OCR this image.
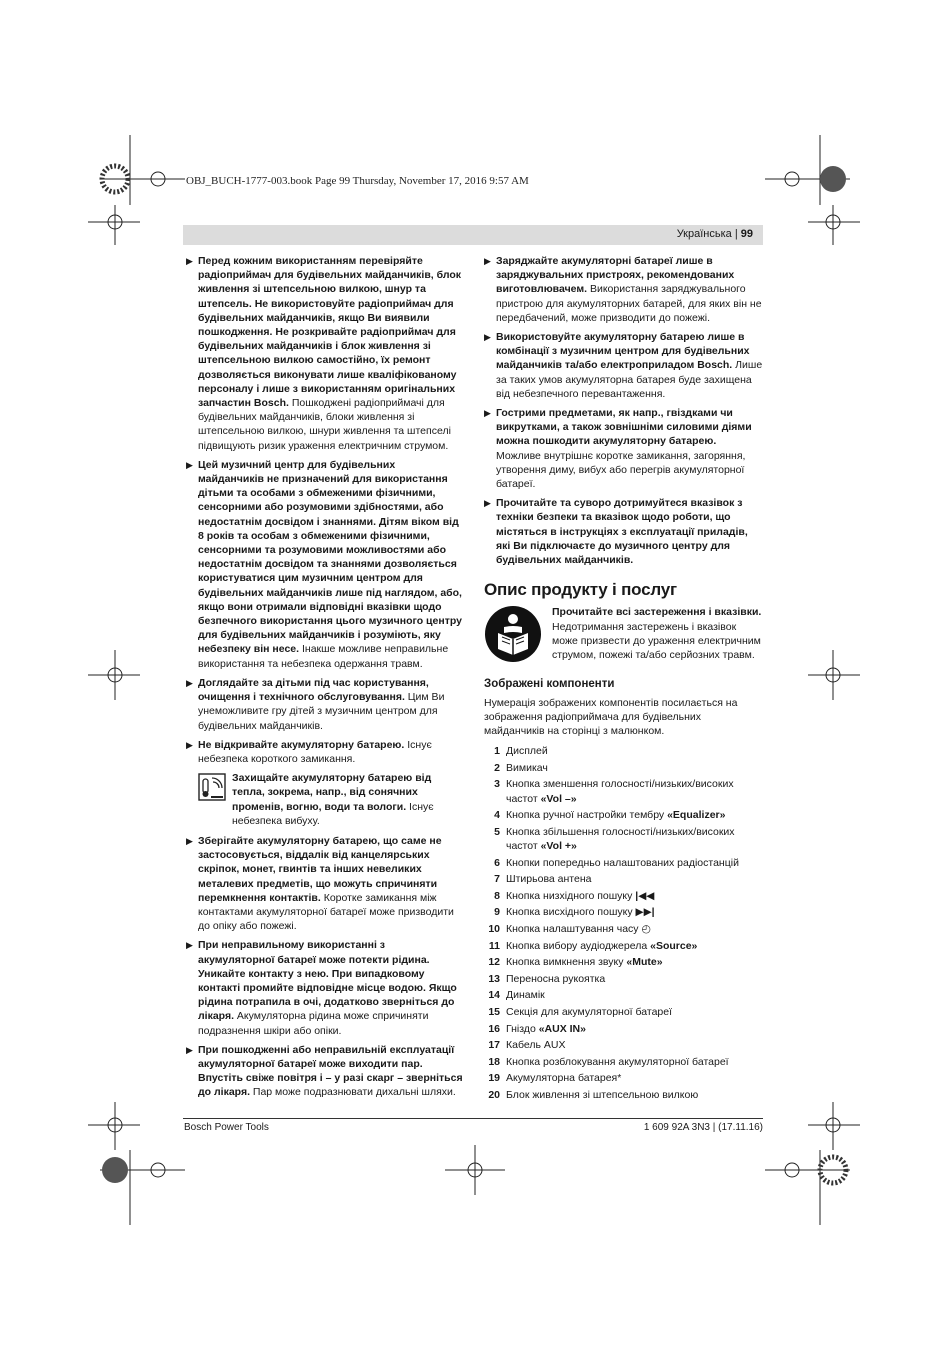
OBJ_BUCH-1777-003.book Page 99 Thursday, November 17, 2016 9:57 AM
Українська | 99
▶ Перед кожним використанням перевіряйте радіоприймач для будівельних майданчиків, блок живлення зі штепсельною вилкою, шнур та штепсель. Не використовуйте радіоприймач для будівельних майданчиків, якщо Ви виявили пошкодження. Не розкривайте радіоприймач для будівельних майданчиків і блок живлення зі штепсельною вилкою самостійно, їх ремонт дозволяється виконувати лише кваліфікованому персоналу і лише з використанням оригінальних запчастин Bosch. Пошкоджені радіоприймачі для будівельних майданчиків, блоки живлення зі штепсельною вилкою, шнури живлення та штепселі підвищують ризик ураження електричним струмом.
▶ Цей музичний центр для будівельних майданчиків не призначений для використання дітьми та особами з обмеженими фізичними, сенсорними або розумовими здібностями, або недостатнім досвідом і знаннями. Дітям віком від 8 років та особам з обмеженими фізичними, сенсорними та розумовими можливостями або недостатнім досвідом та знаннями дозволяється користуватися цим музичним центром для будівельних майданчиків лише під наглядом, або, якщо вони отримали відповідні вказівки щодо безпечного використання цього музичного центру для будівельних майданчиків і розуміють, яку небезпеку він несе. Інакше можливе неправильне використання та небезпека одержання травм.
▶ Доглядайте за дітьми під час користування, очищення і технічного обслуговування. Цим Ви унеможливите гру дітей з музичним центром для будівельних майданчиків.
▶ Не відкривайте акумуляторну батарею. Існує небезпека короткого замикання.
Захищайте акумуляторну батарею від тепла, зокрема, напр., від сонячних променів, вогню, води та вологи. Існує небезпека вибуху.
▶ Зберігайте акумуляторну батарею, що саме не застосовується, віддалік від канцелярських скріпок, монет, гвинтів та інших невеликих металевих предметів, що можуть спричиняти перемкнення контактів. Коротке замикання між контактами акумуляторної батареї може призводити до опіку або пожежі.
▶ При неправильному використанні з акумуляторної батареї може потекти рідина. Уникайте контакту з нею. При випадковому контакті промийте відповідне місце водою. Якщо рідина потрапила в очі, додатково зверніться до лікаря. Акумуляторна рідина може спричиняти подразнення шкіри або опіки.
▶ При пошкодженні або неправильній експлуатації акумуляторної батареї може виходити пар. Впустіть свіже повітря і – у разі скарг – зверніться до лікаря. Пар може подразнювати дихальні шляхи.
▶ Заряджайте акумуляторні батареї лише в заряджувальних пристроях, рекомендованих виготовлювачем. Використання заряджувального пристрою для акумуляторних батарей, для яких він не передбачений, може призводити до пожежі.
▶ Використовуйте акумуляторну батарею лише в комбінації з музичним центром для будівельних майданчиків та/або електроприладом Bosch. Лише за таких умов акумуляторна батарея буде захищена від небезпечного перевантаження.
▶ Гострими предметами, як напр., гвіздками чи викрутками, а також зовнішніми силовими діями можна пошкодити акумуляторну батарею. Можливе внутрішнє коротке замикання, загоряння, утворення диму, вибух або перегрів акумуляторної батареї.
▶ Прочитайте та суворо дотримуйтеся вказівок з техніки безпеки та вказівок щодо роботи, що містяться в інструкціях з експлуатації приладів, які Ви підключаєте до музичного центру для будівельних майданчиків.
Опис продукту і послуг
Прочитайте всі застереження і вказівки. Недотримання застережень і вказівок може призвести до ураження електричним струмом, пожежі та/або серйозних травм.
Зображені компоненти
Нумерація зображених компонентів посилається на зображення радіоприймача для будівельних майданчиків на сторінці з малюнком.
1 Дисплей
2 Вимикач
3 Кнопка зменшення голосності/низьких/високих частот «Vol –»
4 Кнопка ручної настройки тембру «Equalizer»
5 Кнопка збільшення голосності/низьких/високих частот «Vol +»
6 Кнопки попередньо налаштованих радіостанцій
7 Штирьова антена
8 Кнопка низхідного пошуку |◀◀
9 Кнопка висхідного пошуку ▶▶|
10 Кнопка налаштування часу ◴
11 Кнопка вибору аудіоджерела «Source»
12 Кнопка вимкнення звуку «Mute»
13 Переносна рукоятка
14 Динамік
15 Секція для акумуляторної батареї
16 Гніздо «AUX IN»
17 Кабель AUX
18 Кнопка розблокування акумуляторної батареї
19 Акумуляторна батарея*
20 Блок живлення зі штепсельною вилкою
Bosch Power Tools	1 609 92A 3N3 | (17.11.16)
